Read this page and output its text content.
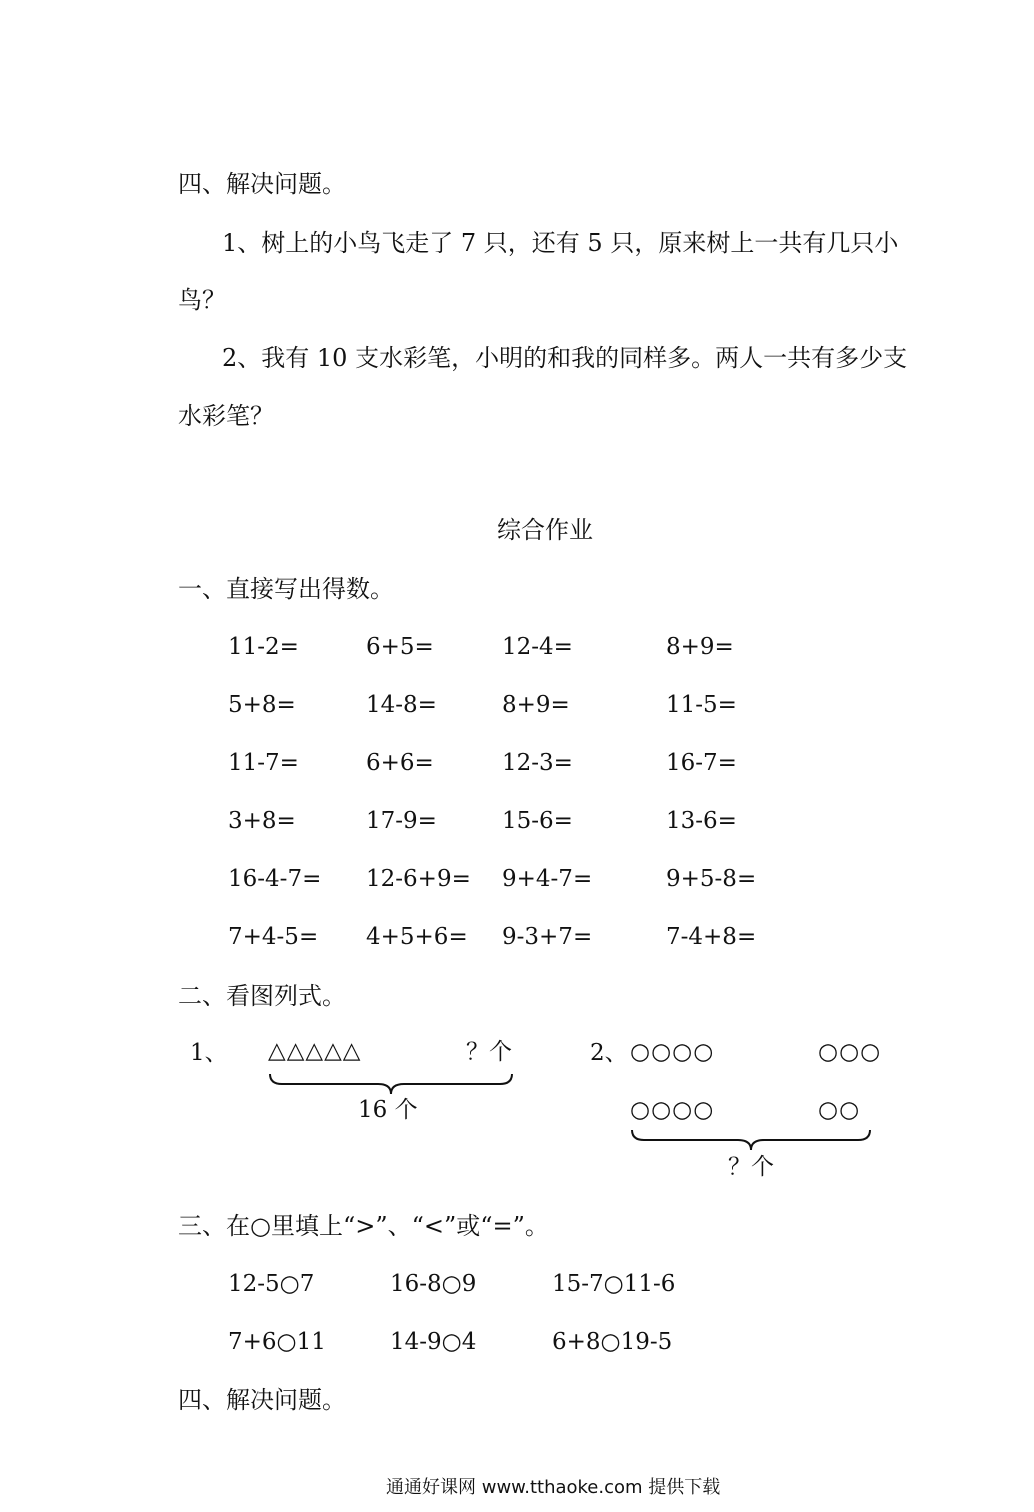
四、解决问题。
1、树上的小鸟飞走了 7 只，还有 5 只，原来树上一共有几只小
鸟？
2、我有 10 支水彩笔，小明的和我的同样多。两人一共有多少支
水彩笔？
综合作业
一、直接写出得数。
11-2=	6+5=	12-4=	8+9=
5+8=	14-8=	8+9=	11-5=
11-7=	6+6=	12-3=	16-7=
3+8=	17-9=	15-6=	13-6=
16-4-7= 12-6+9= 9+4-7=	9+5-8=
7+4-5= 4+5+6= 9-3+7=	7-4+8=
二、看图列式。
1、 △△△△△	？个
16 个
2、 ○○○○	○○○
○○○○	○○
？个
三、在○里填上“>”、“<”或“=”。
12-5○7	16-8○9	15-7○11-6
7+6○11	14-9○4	6+8○19-5
四、解决问题。
通通好课网 www.tthaoke.com 提供下载
